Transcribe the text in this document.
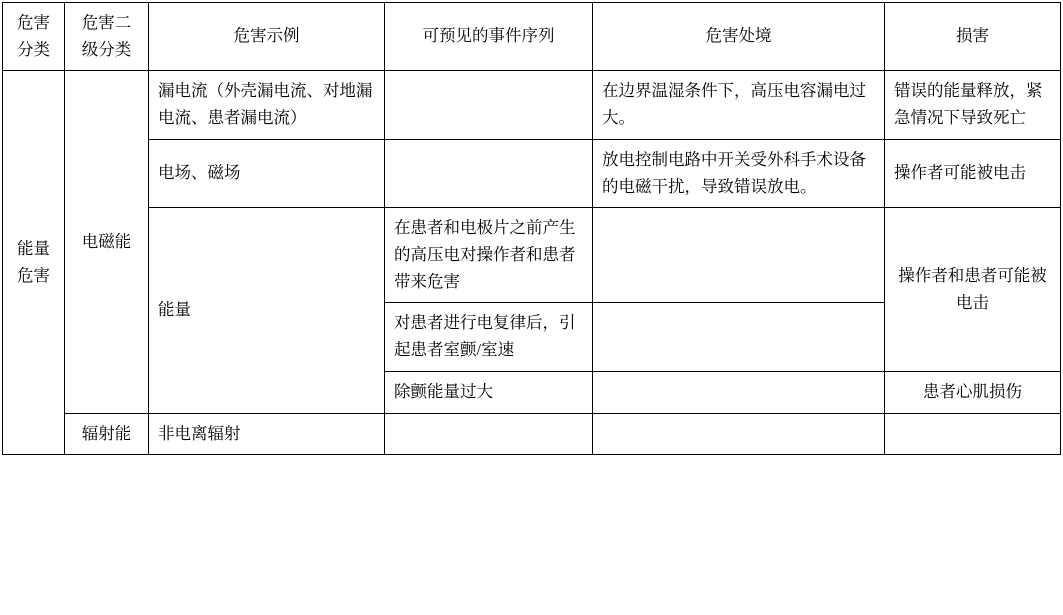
危害分类	危害二级分类	危害示例	可预见的事件序列	危害处境	损害
能量危害	电磁能	漏电流（外壳漏电流、对地漏电流、患者漏电流）		在边界温湿条件下，高压电容漏电过大。	错误的能量释放，紧急情况下导致死亡
		电场、磁场		放电控制电路中开关受外科手术设备的电磁干扰，导致错误放电。	操作者可能被电击
		能量	在患者和电极片之前产生的高压电对操作者和患者带来危害		操作者和患者可能被电击
			对患者进行电复律后，引起患者室颤/室速		
			除颤能量过大		患者心肌损伤
	辐射能	非电离辐射			
